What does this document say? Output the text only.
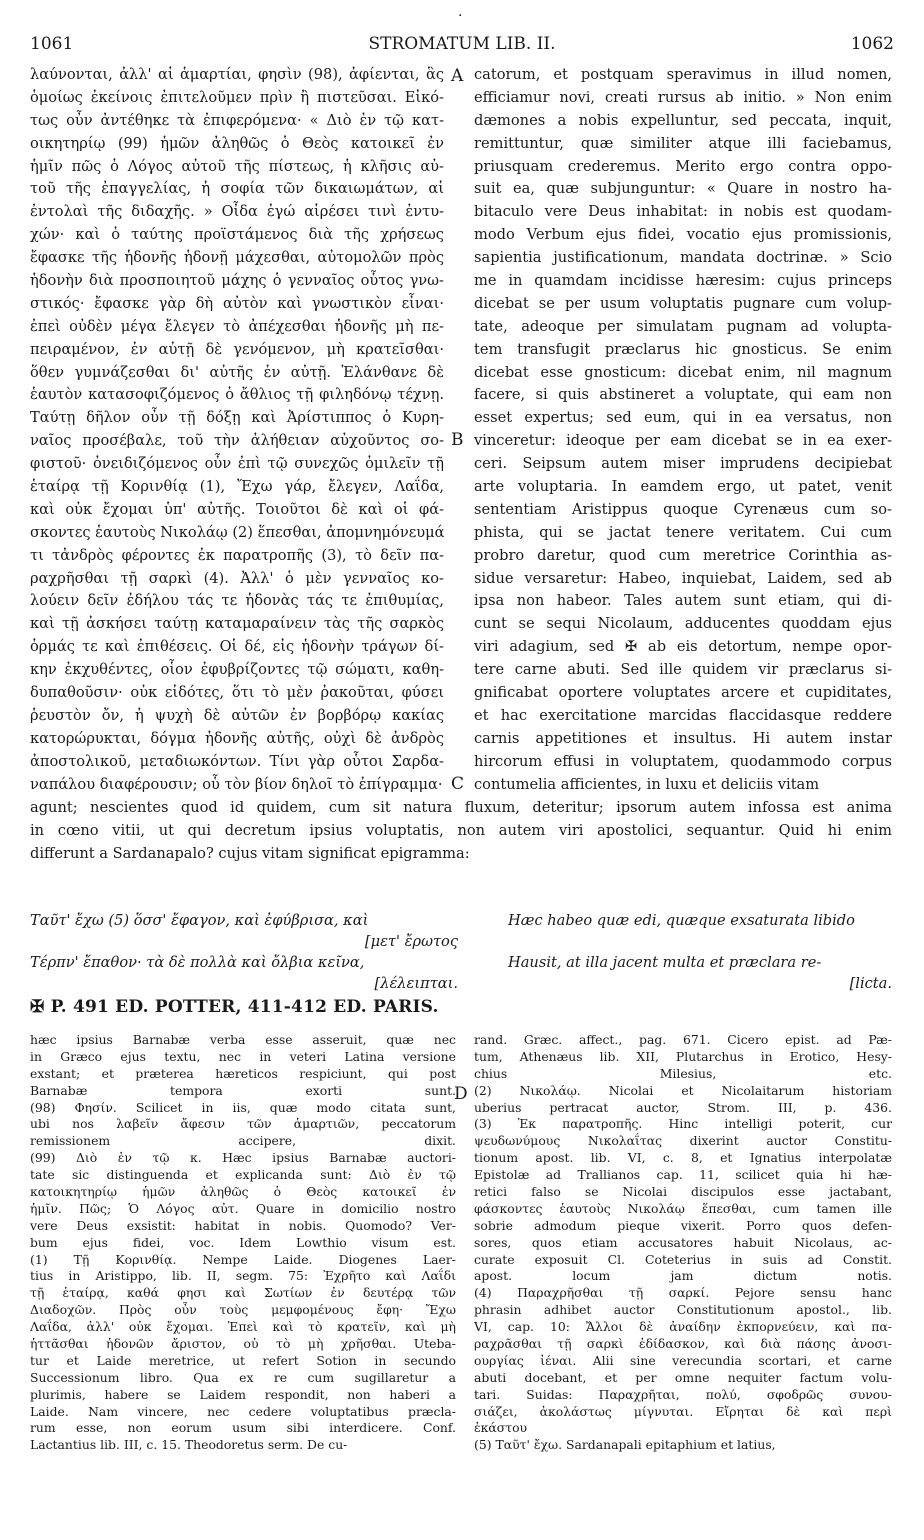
·
1061	STROMATUM LIB. II.	1062
λαύνονται, ἀλλ' αἱ ἁμαρτίαι, φησὶν (98), ἀφίενται, ἃς
ὁμοίως ἐκείνοις ἐπιτελοῦμεν πρὶν ἢ πιστεῦσαι. Εἰκό-
τως οὖν ἀντέθηκε τὰ ἐπιφερόμενα· « Διὸ ἐν τῷ κατ-
οικητηρίῳ (99) ἡμῶν ἀληθῶς ὁ Θεὸς κατοικεῖ ἐν
ἡμῖν πῶς ὁ Λόγος αὐτοῦ τῆς πίστεως, ἡ κλῆσις αὐ-
τοῦ τῆς ἐπαγγελίας, ἡ σοφία τῶν δικαιωμάτων, αἱ
ἐντολαὶ τῆς διδαχῆς. » Οἶδα ἐγώ αἱρέσει τινὶ ἐντυ-
χών· καὶ ὁ ταύτης προϊστάμενος διὰ τῆς χρήσεως
ἔφασκε τῆς ἡδονῆς ἡδονῇ μάχεσθαι, αὐτομολῶν πρὸς
ἡδονὴν διὰ προσποιητοῦ μάχης ὁ γενναῖος οὗτος γνω-
στικός· ἔφασκε γὰρ δὴ αὐτὸν καὶ γνωστικὸν εἶναι·
ἐπεὶ οὐδὲν μέγα ἔλεγεν τὸ ἀπέχεσθαι ἡδονῆς μὴ πε-
πειραμένον, ἐν αὐτῇ δὲ γενόμενον, μὴ κρατεῖσθαι·
ὅθεν γυμνάζεσθαι δι' αὐτῆς ἐν αὐτῇ. Ἐλάνθανε δὲ
ἑαυτὸν κατασοφιζόμενος ὁ ἄθλιος τῇ φιληδόνῳ τέχνῃ.
Ταύτῃ δῆλον οὖν τῇ δόξῃ καὶ Ἀρίστιππος ὁ Κυρη-
ναῖος προσέβαλε, τοῦ τὴν ἀλήθειαν αὐχοῦντος σο-
φιστοῦ· ὀνειδιζόμενος οὖν ἐπὶ τῷ συνεχῶς ὁμιλεῖν τῇ
ἑταίρᾳ τῇ Κορινθίᾳ (1), Ἔχω γάρ, ἔλεγεν, Λαΐδα,
καὶ οὐκ ἔχομαι ὑπ' αὐτῆς. Τοιοῦτοι δὲ καὶ οἱ φά-
σκοντες ἑαυτοὺς Νικολάῳ (2) ἕπεσθαι, ἀπομνημόνευμά
τι τἀνδρὸς φέροντες ἐκ παρατροπῆς (3), τὸ δεῖν πα-
ραχρῆσθαι τῇ σαρκὶ (4). Ἀλλ' ὁ μὲν γενναῖος κο-
λούειν δεῖν ἐδήλου τάς τε ἡδονὰς τάς τε ἐπιθυμίας,
καὶ τῇ ἀσκήσει ταύτῃ καταμαραίνειν τὰς τῆς σαρκὸς
ὁρμάς τε καὶ ἐπιθέσεις. Οἱ δέ, εἰς ἡδονὴν τράγων δί-
κην ἐκχυθέντες, οἷον ἐφυβρίζοντες τῷ σώματι, καθη-
δυπαθοῦσιν· οὐκ εἰδότες, ὅτι τὸ μὲν ῥακοῦται, φύσει
ῥευστὸν ὄν, ἡ ψυχὴ δὲ αὐτῶν ἐν βορβόρῳ κακίας
κατορώρυκται, δόγμα ἡδονῆς αὐτῆς, οὐχὶ δὲ ἀνδρὸς
ἀποστολικοῦ, μεταδιωκόντων. Τίνι γὰρ οὗτοι Σαρδα-
ναπάλου διαφέρουσιν; οὗ τὸν βίον δηλοῖ τὸ ἐπίγραμμα·
catorum, et postquam speravimus in illud nomen,
efficiamur novi, creati rursus ab initio. » Non enim
dæmones a nobis expelluntur, sed peccata, inquit,
remittuntur, quæ similiter atque illi faciebamus,
priusquam crederemus. Merito ergo contra oppo-
suit ea, quæ subjunguntur: « Quare in nostro ha-
bitaculo vere Deus inhabitat: in nobis est quodam-
modo Verbum ejus fidei, vocatio ejus promissionis,
sapientia justificationum, mandata doctrinæ. » Scio
me in quamdam incidisse hæresim: cujus princeps
dicebat se per usum voluptatis pugnare cum volup-
tate, adeoque per simulatam pugnam ad volupta-
tem transfugit præclarus hic gnosticus. Se enim
dicebat esse gnosticum: dicebat enim, nil magnum
facere, si quis abstineret a voluptate, qui eam non
esset expertus; sed eum, qui in ea versatus, non
vinceretur: ideoque per eam dicebat se in ea exer-
ceri. Seipsum autem miser imprudens decipiebat
arte voluptaria. In eamdem ergo, ut patet, venit
sententiam Aristippus quoque Cyrenæus cum so-
phista, qui se jactat tenere veritatem. Cui cum
probro daretur, quod cum meretrice Corinthia as-
sidue versaretur: Habeo, inquiebat, Laidem, sed ab
ipsa non habeor. Tales autem sunt etiam, qui di-
cunt se sequi Nicolaum, adducentes quoddam ejus
viri adagium, sed ✠ ab eis detortum, nempe opor-
tere carne abuti. Sed ille quidem vir præclarus si-
gnificabat oportere voluptates arcere et cupiditates,
et hac exercitatione marcidas flaccidasque reddere
carnis appetitiones et insultus. Hi autem instar
hircorum effusi in voluptatem, quodammodo corpus
contumelia afficientes, in luxu et deliciis vitam
A
B
C
D
agunt; nescientes quod id quidem, cum sit natura fluxum, deteritur; ipsorum autem infossa est anima
in cœno vitii, ut qui decretum ipsius voluptatis, non autem viri apostolici, sequantur. Quid hi enim
differunt a Sardanapalo? cujus vitam significat epigramma:
Ταῦτ' ἔχω (5) ὅσσ' ἔφαγον, καὶ ἐφύβρισα, καὶ
[μετ' ἔρωτος
Τέρπν' ἔπαθον· τὰ δὲ πολλὰ καὶ ὄλβια κεῖνα,
[λέλειπται.
Hæc habeo quæ edi, quæque exsaturata libido
Hausit, at illa jacent multa et præclara re-
[licta.
✠ P. 491 ED. POTTER, 411-412 ED. PARIS.
hæc ipsius Barnabæ verba esse asseruit, quæ nec
in Græco ejus textu, nec in veteri Latina versione
exstant; et præterea hæreticos respiciunt, qui post
Barnabæ tempora exorti sunt.
(98) Φησίν. Scilicet in iis, quæ modo citata sunt,
ubi nos λαβεῖν ἄφεσιν τῶν ἁμαρτιῶν, peccatorum
remissionem accipere, dixit.
(99) Διὸ ἐν τῷ κ. Hæc ipsius Barnabæ auctori-
tate sic distinguenda et explicanda sunt: Διὸ ἐν τῷ
κατοικητηρίῳ ἡμῶν ἀληθῶς ὁ Θεὸς κατοικεῖ ἐν
ἡμῖν. Πῶς; Ὁ Λόγος αὐτ. Quare in domicilio nostro
vere Deus exsistit: habitat in nobis. Quomodo? Ver-
bum ejus fidei, voc. Idem Lowthio visum est.
(1) Τῇ Κορινθίᾳ. Nempe Laide. Diogenes Laer-
tius in Aristippo, lib. II, segm. 75: Ἐχρῆτο καὶ Λαΐδι
τῇ ἑταίρᾳ, καθά φησι καὶ Σωτίων ἐν δευτέρᾳ τῶν
Διαδοχῶν. Πρὸς οὖν τοὺς μεμφομένους ἔφη· Ἔχω
Λαΐδα, ἀλλ' οὐκ ἔχομαι. Ἐπεὶ καὶ τὸ κρατεῖν, καὶ μὴ
ἡττᾶσθαι ἡδονῶν ἄριστον, οὐ τὸ μὴ χρῆσθαι. Uteba-
tur et Laide meretrice, ut refert Sotion in secundo
Successionum libro. Qua ex re cum sugillaretur a
plurimis, habere se Laidem respondit, non haberi a
Laide. Nam vincere, nec cedere voluptatibus præcla-
rum esse, non eorum usum sibi interdicere. Conf.
Lactantius lib. III, c. 15. Theodoretus serm. De cu-
rand. Græc. affect., pag. 671. Cicero epist. ad Pæ-
tum, Athenæus lib. XII, Plutarchus in Erotico, Hesy-
chius Milesius, etc.
(2) Νικολάῳ. Nicolai et Nicolaitarum historiam
uberius pertracat auctor, Strom. III, p. 436.
(3) Ἐκ παρατροπῆς. Hinc intelligi poterit, cur
ψευδωνύμους Νικολαΐτας dixerint auctor Constitu-
tionum apost. lib. VI, c. 8, et Ignatius interpolatæ
Epistolæ ad Trallianos cap. 11, scilicet quia hi hæ-
retici falso se Nicolai discipulos esse jactabant,
φάσκοντες ἑαυτοὺς Νικολάῳ ἕπεσθαι, cum tamen ille
sobrie admodum pieque vixerit. Porro quos defen-
sores, quos etiam accusatores habuit Nicolaus, ac-
curate exposuit Cl. Coteterius in suis ad Constit.
apost. locum jam dictum notis.
(4) Παραχρῆσθαι τῇ σαρκί. Pejore sensu hanc
phrasin adhibet auctor Constitutionum apostol., lib.
VI, cap. 10: Ἄλλοι δὲ ἀναίδην ἐκπορνεύειν, καὶ πα-
ραχρᾶσθαι τῇ σαρκὶ ἐδίδασκον, καὶ διὰ πάσης ἀνοσι-
ουργίας ἰέναι. Alii sine verecundia scortari, et carne
abuti docebant, et per omne nequiter factum volu-
tari. Suidas: Παραχρῆται, πολύ, σφοδρῶς συνου-
σιάζει, ἀκολάστως μίγνυται. Εἴρηται δὲ καὶ περὶ
ἑκάστου
(5) Ταῦτ' ἔχω. Sardanapali epitaphium et latius,
